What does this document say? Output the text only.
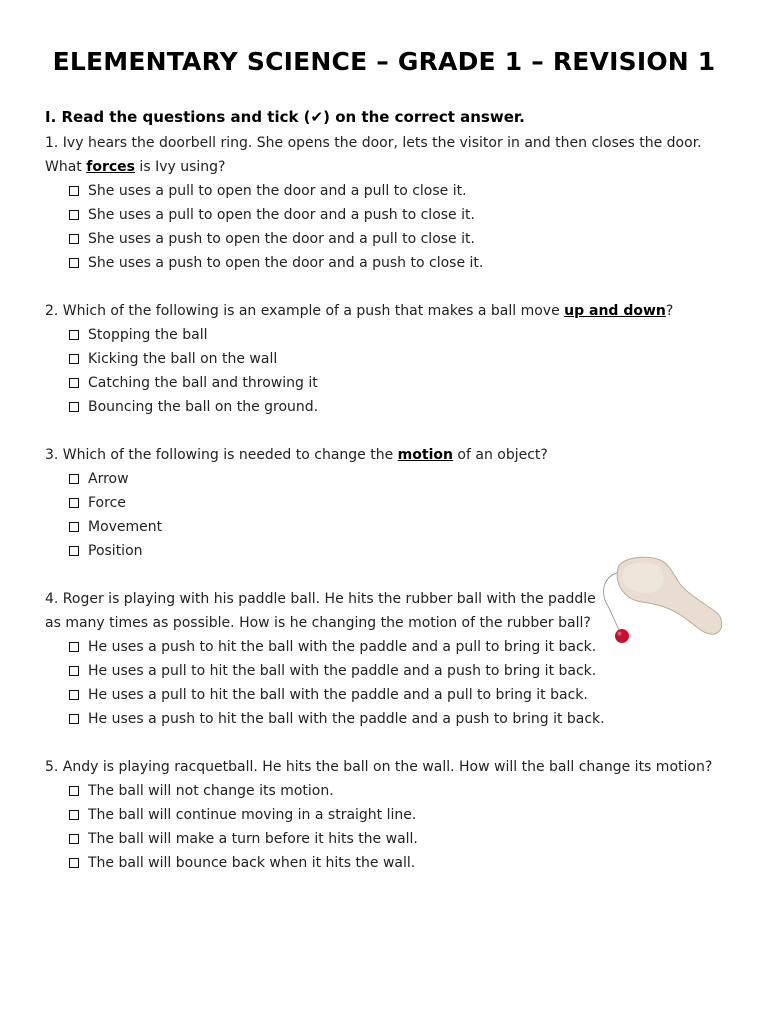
ELEMENTARY SCIENCE – GRADE 1 – REVISION 1

I. Read the questions and tick (✔) on the correct answer.

1. Ivy hears the doorbell ring. She opens the door, lets the visitor in and then closes the door.

What forces is Ivy using?

She uses a pull to open the door and a pull to close it.
She uses a pull to open the door and a push to close it.
She uses a push to open the door and a pull to close it.
She uses a push to open the door and a push to close it.

2. Which of the following is an example of a push that makes a ball move up and down?

Stopping the ball
Kicking the ball on the wall
Catching the ball and throwing it
Bouncing the ball on the ground.

3. Which of the following is needed to change the motion of an object?

Arrow
Force
Movement
Position

4. Roger is playing with his paddle ball. He hits the rubber ball with the paddle

as many times as possible. How is he changing the motion of the rubber ball?

He uses a push to hit the ball with the paddle and a pull to bring it back.
He uses a pull to hit the ball with the paddle and a push to bring it back.
He uses a pull to hit the ball with the paddle and a pull to bring it back.
He uses a push to hit the ball with the paddle and a push to bring it back.

5. Andy is playing racquetball. He hits the ball on the wall. How will the ball change its motion?

The ball will not change its motion.
The ball will continue moving in a straight line.
The ball will make a turn before it hits the wall.
The ball will bounce back when it hits the wall.
